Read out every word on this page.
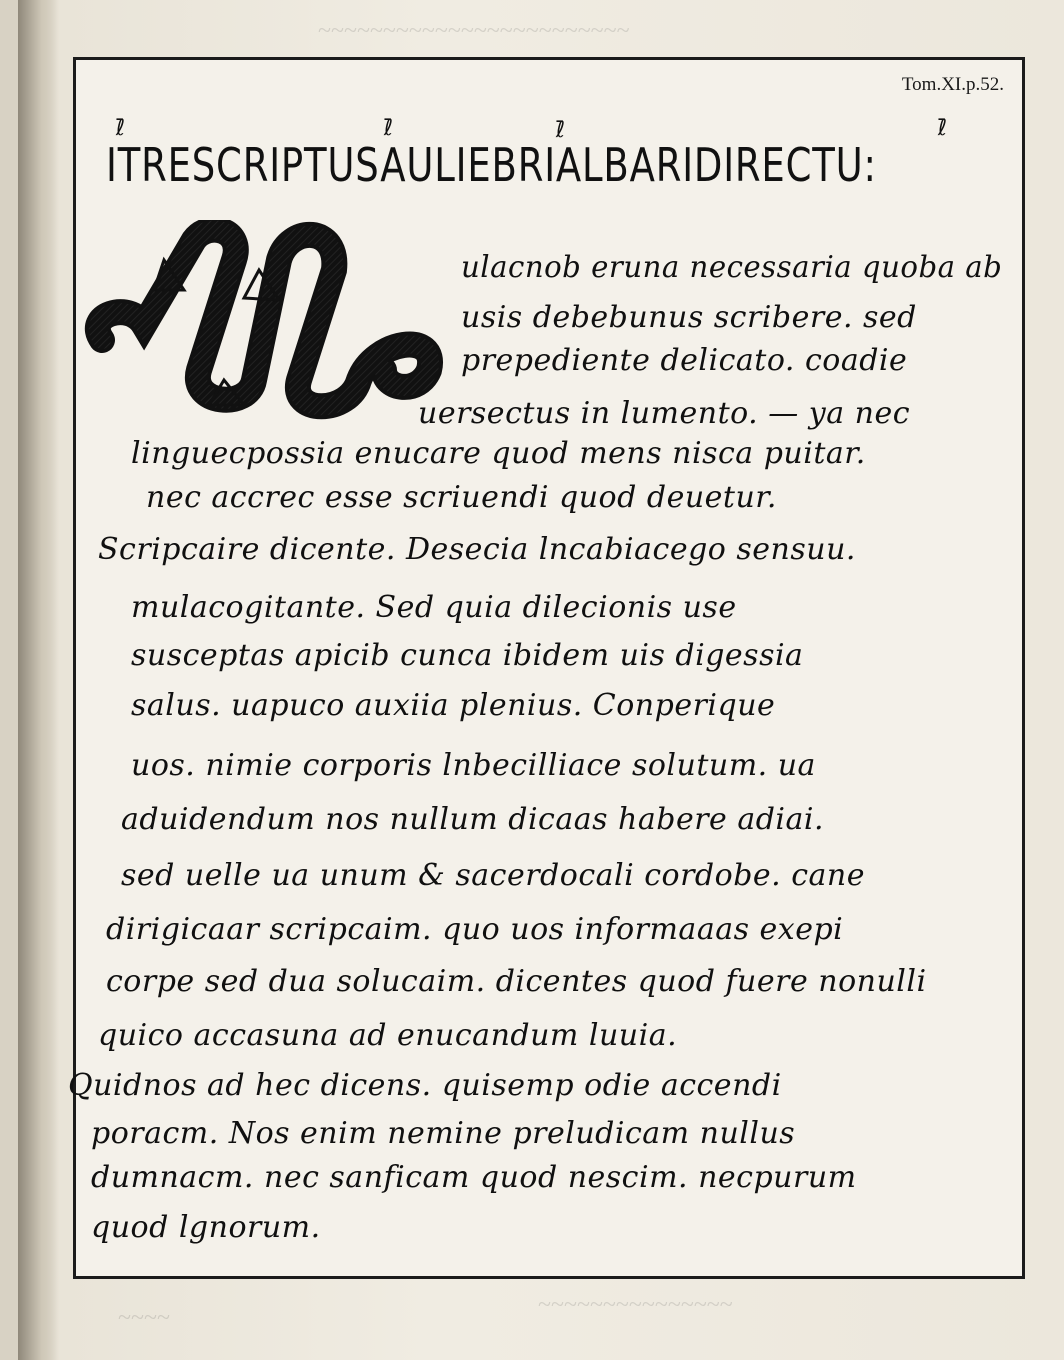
~~~~~~~~~~~~~~~~~~~~~~~~
~~~~~~~~~~~~~~~
~~~~
Tom.XI.p.52.
ℓ̄	ℓ̄	ℓ̄	ℓ̄
ITRESCRIPTUSAULIEBRIALBARIDIRECTU:
ulacnob eruna necessaria quoba ab
usis debebunus scribere. sed
prepediente delicato. coadie
uersectus in lumento. — ya nec
linguecpossia enucare quod mens nisca puitar.
nec accrec esse scriuendi quod deuetur.
Scripcaire dicente. Desecia lncabiacego sensuu.
mulacogitante. Sed quia dilecionis use
susceptas apicib cunca ibidem uis digessia
salus. uapuco auxiia plenius. Conperique
uos. nimie corporis lnbecilliace solutum. ua
aduidendum nos nullum dicaas habere adiai.
sed uelle ua unum & sacerdocali cordobe. cane
dirigicaar scripcaim. quo uos informaaas exepi
corpe sed dua solucaim. dicentes quod fuere nonulli
quico accasuna ad enucandum luuia.
Quidnos ad hec dicens. quisemp odie accendi
poracm. Nos enim nemine preludicam nullus
dumnacm. nec sanficam quod nescim. necpurum
quod lgnorum.
